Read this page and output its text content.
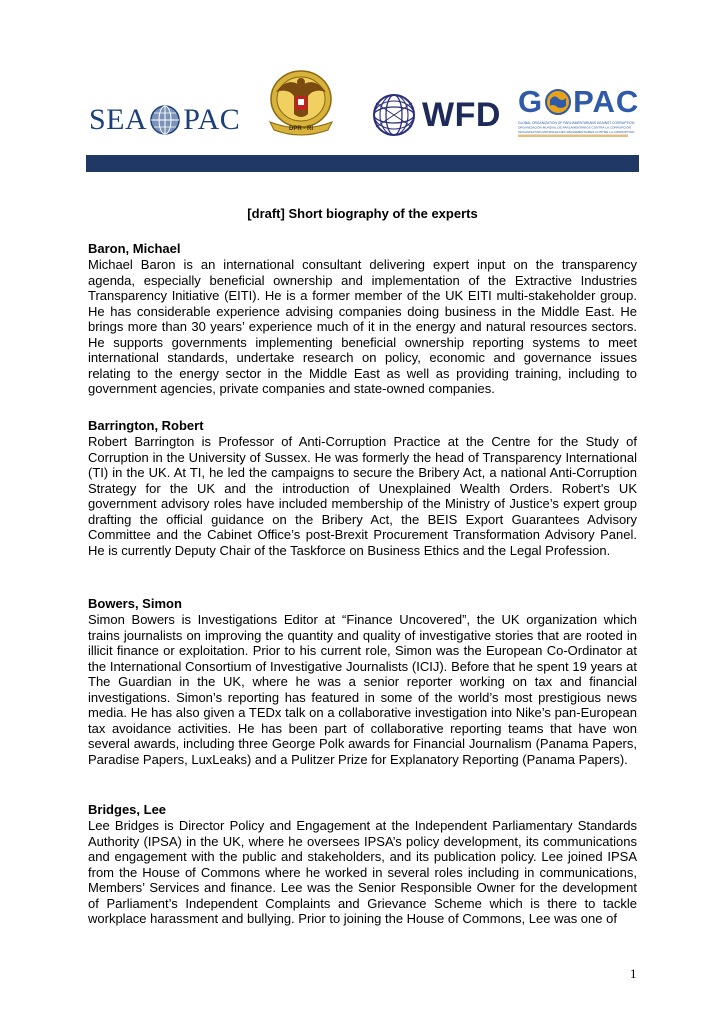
SEA PAC	DPR - RI	WFD G PAC
GLOBAL ORGANIZATION OF PARLIAMENTARIANS AGAINST CORRUPTION
ORGANIZACIÓN MUNDIAL DE PARLAMENTARIOS CONTRA LA CORRUPCIÓN
ORGANISATION MONDIALE DES PARLEMENTAIRES CONTRE LA CORRUPTION
[draft] Short biography of the experts

Baron, Michael

Michael Baron is an international consultant delivering expert input on the transparency agenda, especially beneficial ownership and implementation of the Extractive Industries Transparency Initiative (EITI). He is a former member of the UK EITI multi-stakeholder group. He has considerable experience advising companies doing business in the Middle East. He brings more than 30 years’ experience much of it in the energy and natural resources sectors. He supports governments implementing beneficial ownership reporting systems to meet international standards, undertake research on policy, economic and governance issues relating to the energy sector in the Middle East as well as providing training, including to government agencies, private companies and state-owned companies.

Barrington, Robert

Robert Barrington is Professor of Anti-Corruption Practice at the Centre for the Study of Corruption in the University of Sussex. He was formerly the head of Transparency International (TI) in the UK. At TI, he led the campaigns to secure the Bribery Act, a national Anti-Corruption Strategy for the UK and the introduction of Unexplained Wealth Orders. Robert's UK government advisory roles have included membership of the Ministry of Justice’s expert group drafting the official guidance on the Bribery Act, the BEIS Export Guarantees Advisory Committee and the Cabinet Office’s post-Brexit Procurement Transformation Advisory Panel. He is currently Deputy Chair of the Taskforce on Business Ethics and the Legal Profession.

Bowers, Simon

Simon Bowers is Investigations Editor at “Finance Uncovered”, the UK organization which trains journalists on improving the quantity and quality of investigative stories that are rooted in illicit finance or exploitation. Prior to his current role, Simon was the European Co-Ordinator at the International Consortium of Investigative Journalists (ICIJ). Before that he spent 19 years at The Guardian in the UK, where he was a senior reporter working on tax and financial investigations. Simon’s reporting has featured in some of the world’s most prestigious news media. He has also given a TEDx talk on a collaborative investigation into Nike’s pan-European tax avoidance activities. He has been part of collaborative reporting teams that have won several awards, including three George Polk awards for Financial Journalism (Panama Papers, Paradise Papers, LuxLeaks) and a Pulitzer Prize for Explanatory Reporting (Panama Papers).

Bridges, Lee

Lee Bridges is Director Policy and Engagement at the Independent Parliamentary Standards Authority (IPSA) in the UK, where he oversees IPSA’s policy development, its communications and engagement with the public and stakeholders, and its publication policy. Lee joined IPSA from the House of Commons where he worked in several roles including in communications, Members’ Services and finance. Lee was the Senior Responsible Owner for the development of Parliament’s Independent Complaints and Grievance Scheme which is there to tackle workplace harassment and bullying. Prior to joining the House of Commons, Lee was one of

1
